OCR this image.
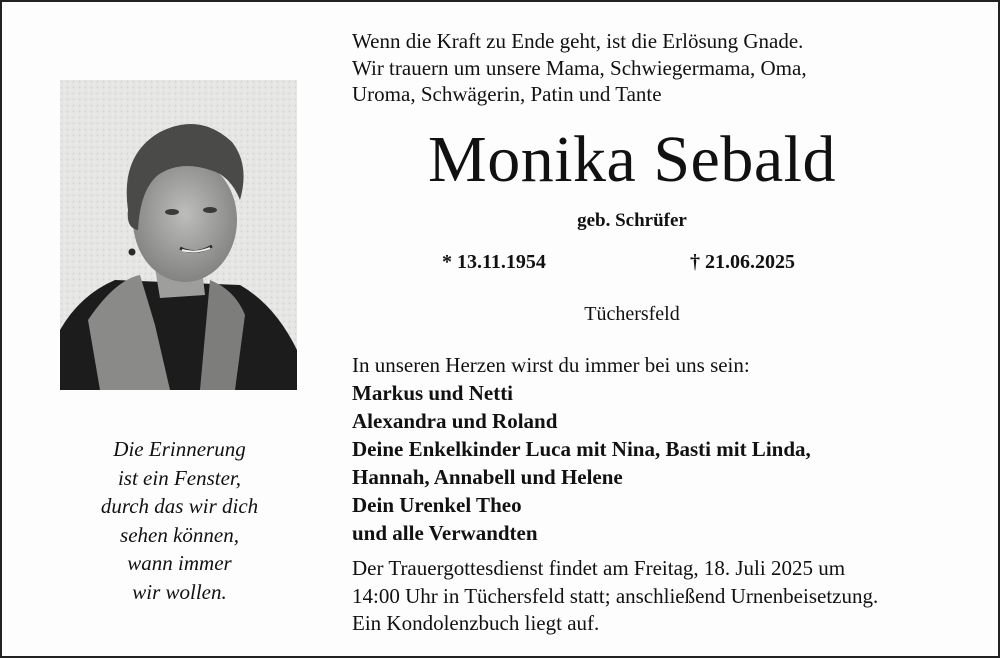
Die Erinnerung
ist ein Fenster,
durch das wir dich
sehen können,
wann immer
wir wollen.
Wenn die Kraft zu Ende geht, ist die Erlösung Gnade.
Wir trauern um unsere Mama, Schwiegermama, Oma,
Uroma, Schwägerin, Patin und Tante
Monika Sebald
geb. Schrüfer
* 13.11.1954	† 21.06.2025
Tüchersfeld
In unseren Herzen wirst du immer bei uns sein:
Markus und Netti
Alexandra und Roland
Deine Enkelkinder Luca mit Nina, Basti mit Linda,
Hannah, Annabell und Helene
Dein Urenkel Theo
und alle Verwandten
Der Trauergottesdienst findet am Freitag, 18. Juli 2025 um
14:00 Uhr in Tüchersfeld statt; anschließend Urnenbeisetzung.
Ein Kondolenzbuch liegt auf.
